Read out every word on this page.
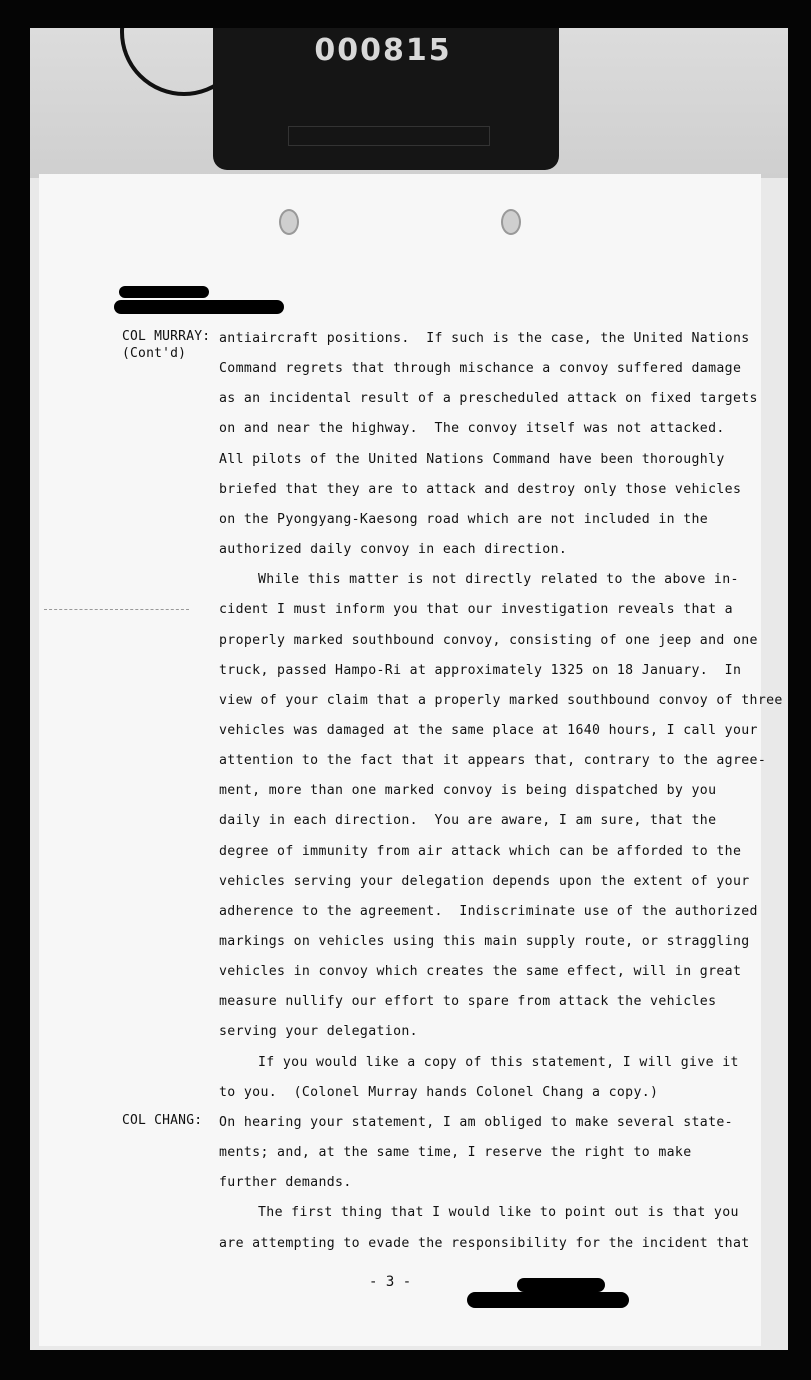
000815
COL MURRAY:
(Cont'd)
antiaircraft positions.  If such is the case, the United Nations
Command regrets that through mischance a convoy suffered damage
as an incidental result of a prescheduled attack on fixed targets
on and near the highway.  The convoy itself was not attacked.
All pilots of the United Nations Command have been thoroughly
briefed that they are to attack and destroy only those vehicles
on the Pyongyang-Kaesong road which are not included in the
authorized daily convoy in each direction.
While this matter is not directly related to the above in-
cident I must inform you that our investigation reveals that a
properly marked southbound convoy, consisting of one jeep and one
truck, passed Hampo-Ri at approximately 1325 on 18 January.  In
view of your claim that a properly marked southbound convoy of three
vehicles was damaged at the same place at 1640 hours, I call your
attention to the fact that it appears that, contrary to the agree-
ment, more than one marked convoy is being dispatched by you
daily in each direction.  You are aware, I am sure, that the
degree of immunity from air attack which can be afforded to the
vehicles serving your delegation depends upon the extent of your
adherence to the agreement.  Indiscriminate use of the authorized
markings on vehicles using this main supply route, or straggling
vehicles in convoy which creates the same effect, will in great
measure nullify our effort to spare from attack the vehicles
serving your delegation.
If you would like a copy of this statement, I will give it
to you.  (Colonel Murray hands Colonel Chang a copy.)
COL CHANG: On hearing your statement, I am obliged to make several state-
ments; and, at the same time, I reserve the right to make
further demands.
The first thing that I would like to point out is that you
are attempting to evade the responsibility for the incident that
- 3 -
